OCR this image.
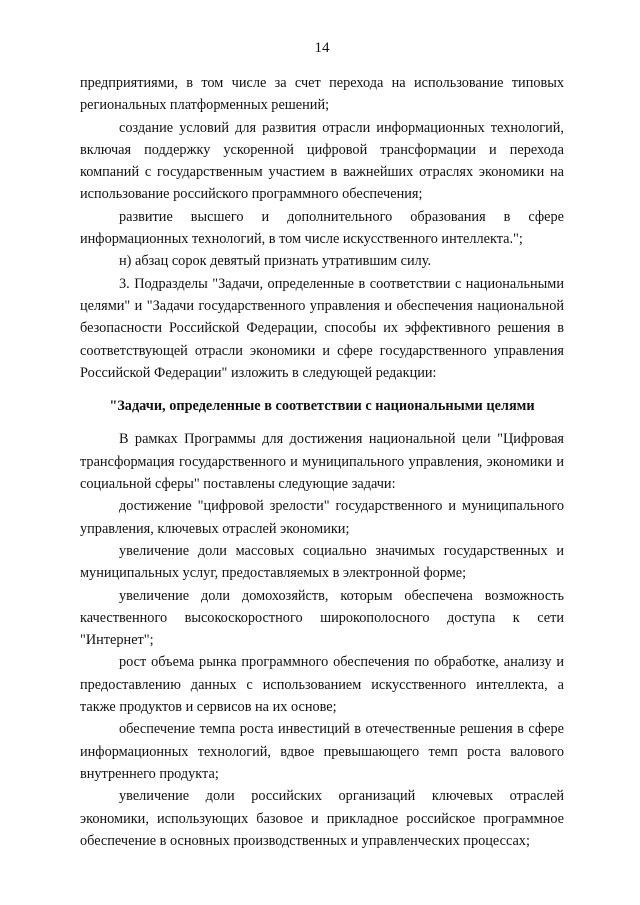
14

предприятиями, в том числе за счет перехода на использование типовых региональных платформенных решений;

создание условий для развития отрасли информационных технологий, включая поддержку ускоренной цифровой трансформации и перехода компаний с государственным участием в важнейших отраслях экономики на использование российского программного обеспечения;

развитие высшего и дополнительного образования в сфере информационных технологий, в том числе искусственного интеллекта.";

н) абзац сорок девятый признать утратившим силу.

3. Подразделы "Задачи, определенные в соответствии с национальными целями" и "Задачи государственного управления и обеспечения национальной безопасности Российской Федерации, способы их эффективного решения в соответствующей отрасли экономики и сфере государственного управления Российской Федерации" изложить в следующей редакции:

"Задачи, определенные в соответствии с национальными целями

В рамках Программы для достижения национальной цели "Цифровая трансформация государственного и муниципального управления, экономики и социальной сферы" поставлены следующие задачи:

достижение "цифровой зрелости" государственного и муниципального управления, ключевых отраслей экономики;

увеличение доли массовых социально значимых государственных и муниципальных услуг, предоставляемых в электронной форме;

увеличение доли домохозяйств, которым обеспечена возможность качественного высокоскоростного широкополосного доступа к сети "Интернет";

рост объема рынка программного обеспечения по обработке, анализу и предоставлению данных с использованием искусственного интеллекта, а также продуктов и сервисов на их основе;

обеспечение темпа роста инвестиций в отечественные решения в сфере информационных технологий, вдвое превышающего темп роста валового внутреннего продукта;

увеличение доли российских организаций ключевых отраслей экономики, использующих базовое и прикладное российское программное обеспечение в основных производственных и управленческих процессах;
